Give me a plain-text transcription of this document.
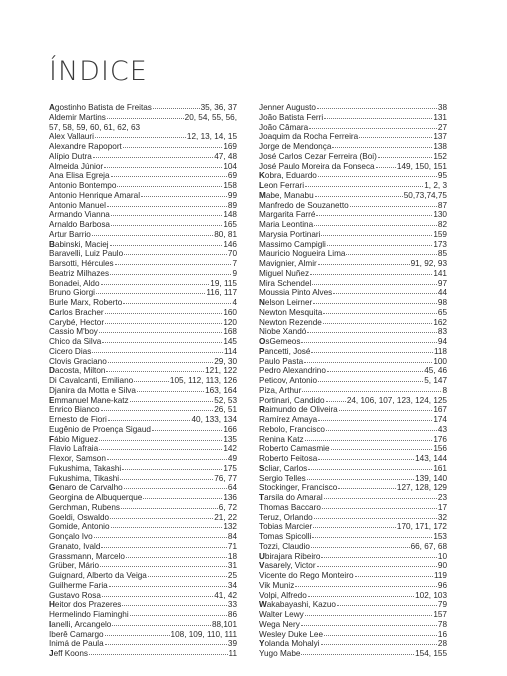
ÍNDICE
Agostinho Batista de Freitas	35, 36, 37
Aldemir Martins	20, 54, 55, 56,
57, 58, 59, 60, 61, 62, 63
Alex Vallauri	12, 13, 14, 15
Alexandre Rapoport	169
Alípio Dutra	47, 48
Almeida Júnior	104
Ana Elisa Egreja	69
Antonio Bontempo	158
Antonio Henrique Amaral	99
Antonio Manuel	89
Armando Vianna	148
Arnaldo Barbosa	165
Artur Barrio	80, 81
Babinski, Maciej	146
Baravelli, Luiz Paulo	70
Barsotti, Hércules	7
Beatriz Milhazes	9
Bonadei, Aldo	19, 115
Bruno Giorgi	116, 117
Burle Marx, Roberto	4
Carlos Bracher	160
Carybé, Hector	120
Cassio M'boy	168
Chico da Silva	145
Cicero Dias	114
Clovis Graciano	29, 30
Dacosta, Milton	121, 122
Di Cavalcanti, Emiliano	105, 112, 113, 126
Djanira da Motta e Silva	163, 164
Emmanuel Mane-katz	52, 53
Enrico Bianco	26, 51
Ernesto de Fiori	40, 133, 134
Eugênio de Proença Sigaud	166
Fábio Miguez	135
Flavio Lafraia	142
Flexor, Samson	49
Fukushima, Takashi	175
Fukushima, Tikashi	76, 77
Genaro de Carvalho	64
Georgina de Albuquerque	136
Gerchman, Rubens	6, 72
Goeldi, Oswaldo	21, 22
Gomide, Antonio	132
Gonçalo Ivo	84
Granato, Ivald	71
Grassmann, Marcelo	18
Grüber, Mário	31
Guignard, Alberto da Veiga	25
Guilherme Faria	34
Gustavo Rosa	41, 42
Heitor dos Prazeres	33
Hermelindo Fiaminghi	86
Ianelli, Arcangelo	88,101
Iberê Camargo	108, 109, 110, 111
Inimá de Paula	39
Jeff Koons	11
Jenner Augusto	38
João Batista Ferri	131
João Câmara	27
Joaquim da Rocha Ferreira	137
Jorge de Mendonça	138
José Carlos Cezar Ferreira (Boi)	152
José Paulo Moreira da Fonseca	149, 150, 151
Kobra, Eduardo	95
Leon Ferrari	1, 2, 3
Mabe, Manabu	50,73,74,75
Manfredo de Souzanetto	87
Margarita Farré	130
Maria Leontina	82
Marysia Portinari	159
Massimo Campigli	173
Mauricio Nogueira Lima	85
Mavignier, Almir	91, 92, 93
Miguel Nuñez	141
Mira Schendel	97
Moussia Pinto Alves	44
Nelson Leirner	98
Newton Mesquita	65
Newton Rezende	162
Niobe Xandó	83
OsGemeos	94
Pancetti, José	118
Paulo Pasta	100
Pedro Alexandrino	45, 46
Peticov, Antonio	5, 147
Piza, Arthur	8
Portinari, Candido	24, 106, 107, 123, 124, 125
Raimundo de Oliveira	167
Ramírez Amaya	174
Rebolo, Francisco	43
Renina Katz	176
Roberto Camasmie	156
Roberto Feitosa	143, 144
Scliar, Carlos	161
Sergio Telles	139, 140
Stockinger, Francisco	127, 128, 129
Tarsila do Amaral	23
Thomas Baccaro	17
Teruz, Orlando	32
Tobias Marcier	170, 171, 172
Tomas Spicolli	153
Tozzi, Claudio	66, 67, 68
Ubirajara Ribeiro	10
Vasarely, Victor	90
Vicente do Rego Monteiro	119
Vik Muniz	96
Volpi, Alfredo	102, 103
Wakabayashi, Kazuo	79
Walter Lewy	157
Wega Nery	78
Wesley Duke Lee	16
Yolanda Mohalyi	28
Yugo Mabe	154, 155
